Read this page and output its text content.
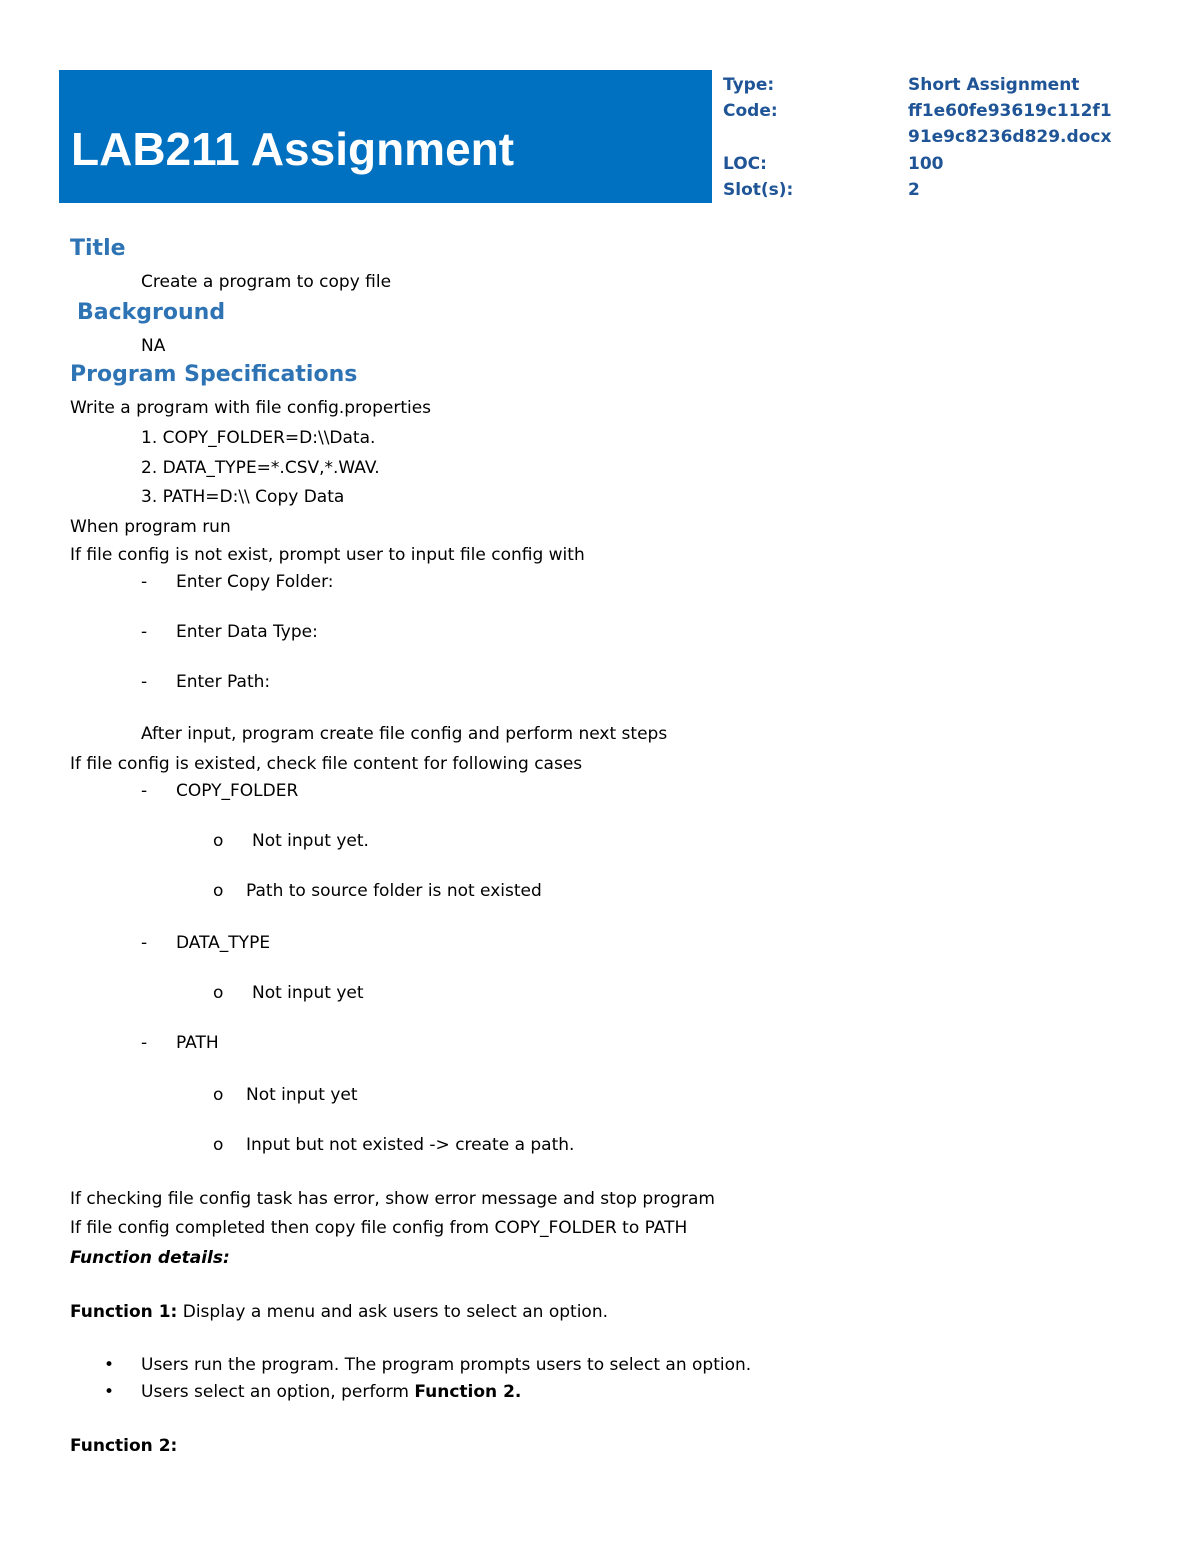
LAB211 Assignment
Type:	Short Assignment
Code:	ff1e60fe93619c112f1
91e9c8236d829.docx
LOC:	100
Slot(s):	2
Title
Create a program to copy file
Background
NA
Program Specifications
Write a program with file config.properties
1. COPY_FOLDER=D:\\Data.
2. DATA_TYPE=*.CSV,*.WAV.
3. PATH=D:\\ Copy Data
When program run
If file config is not exist, prompt user to input file config with
- Enter Copy Folder:
- Enter Data Type:
- Enter Path:
After input, program create file config and perform next steps
If file config is existed, check file content for following cases
- COPY_FOLDER
o Not input yet.
o Path to source folder is not existed
- DATA_TYPE
o Not input yet
- PATH
o Not input yet
o Input but not existed -> create a path.
If checking file config task has error, show error message and stop program
If file config completed then copy file config from COPY_FOLDER to PATH
Function details:
Function 1: Display a menu and ask users to select an option.
• Users run the program. The program prompts users to select an option.
• Users select an option, perform Function 2.
Function 2:
